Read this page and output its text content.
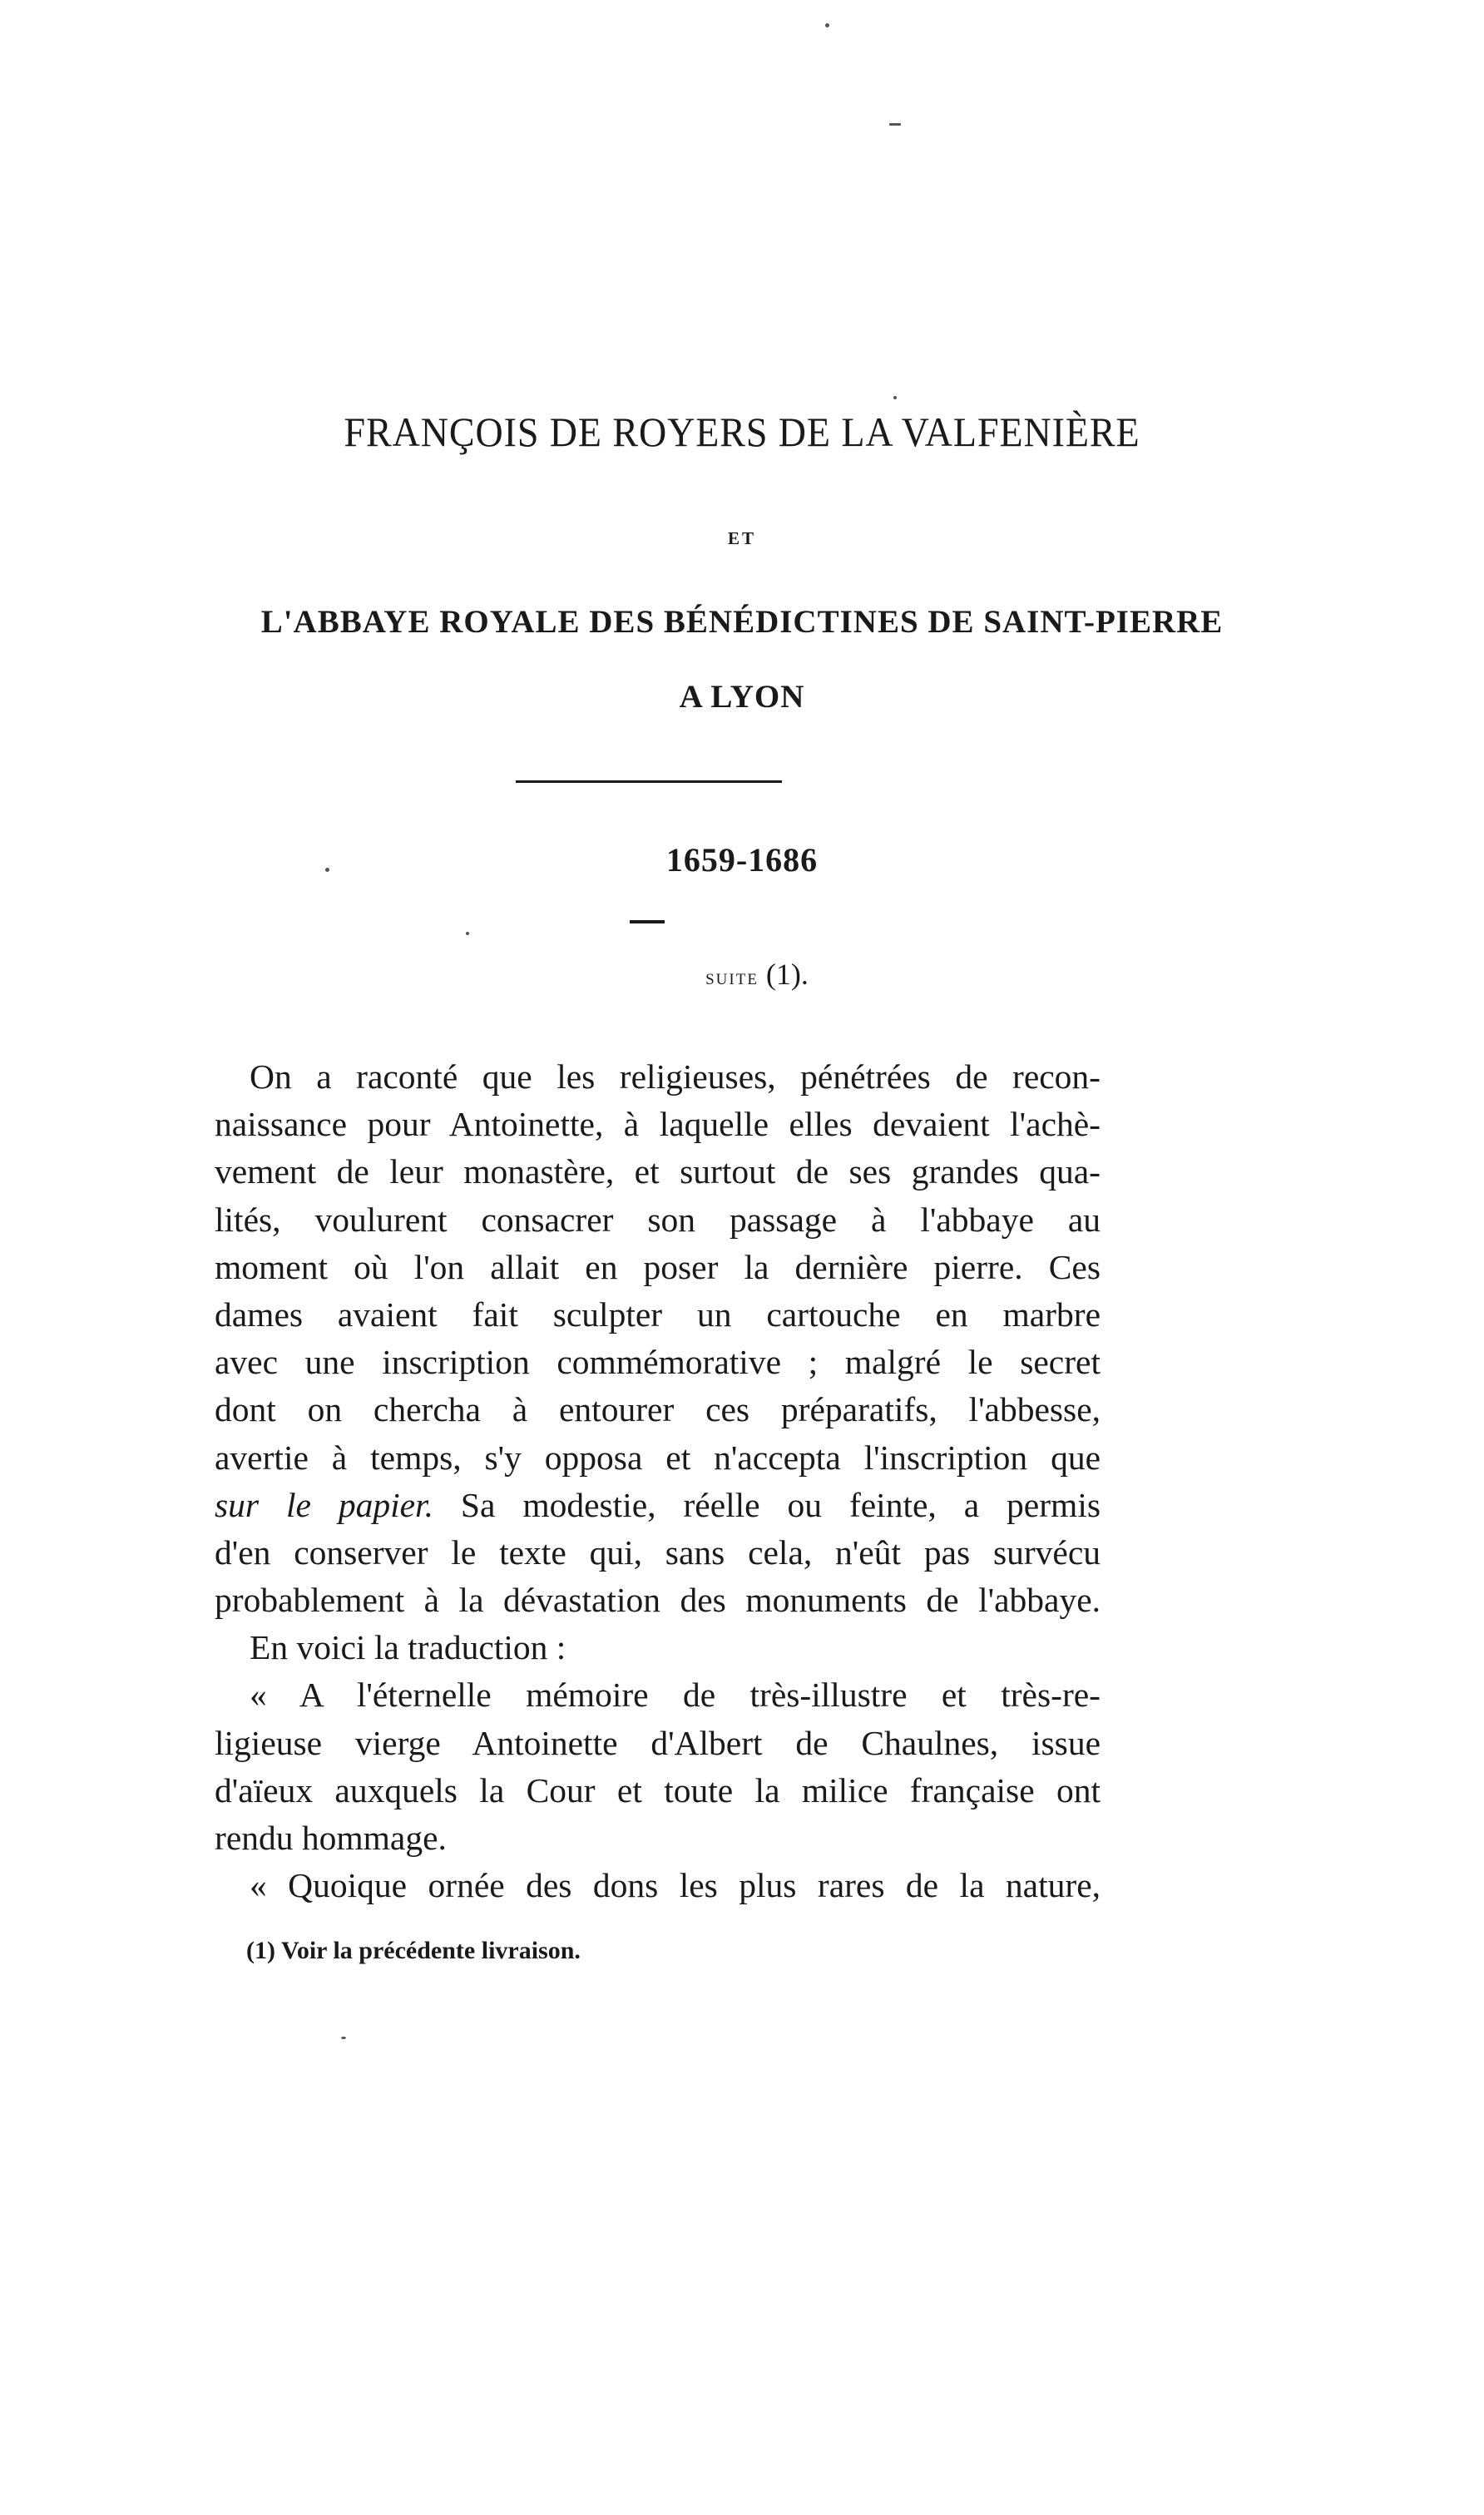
FRANÇOIS DE ROYERS DE LA VALFENIÈRE
ET
L'ABBAYE ROYALE DES BÉNÉDICTINES DE SAINT-PIERRE
A LYON
1659-1686
SUITE (1).
On a raconté que les religieuses, pénétrées de recon-
naissance pour Antoinette, à laquelle elles devaient l'achè-
vement de leur monastère, et surtout de ses grandes qua-
lités, voulurent consacrer son passage à l'abbaye au
moment où l'on allait en poser la dernière pierre. Ces
dames avaient fait sculpter un cartouche en marbre
avec une inscription commémorative ; malgré le secret
dont on chercha à entourer ces préparatifs, l'abbesse,
avertie à temps, s'y opposa et n'accepta l'inscription que
sur le papier. Sa modestie, réelle ou feinte, a permis
d'en conserver le texte qui, sans cela, n'eût pas survécu
probablement à la dévastation des monuments de l'abbaye.
En voici la traduction :
« A l'éternelle mémoire de très-illustre et très-re-
ligieuse vierge Antoinette d'Albert de Chaulnes, issue
d'aïeux auxquels la Cour et toute la milice française ont
rendu hommage.
« Quoique ornée des dons les plus rares de la nature,
(1) Voir la précédente livraison.
